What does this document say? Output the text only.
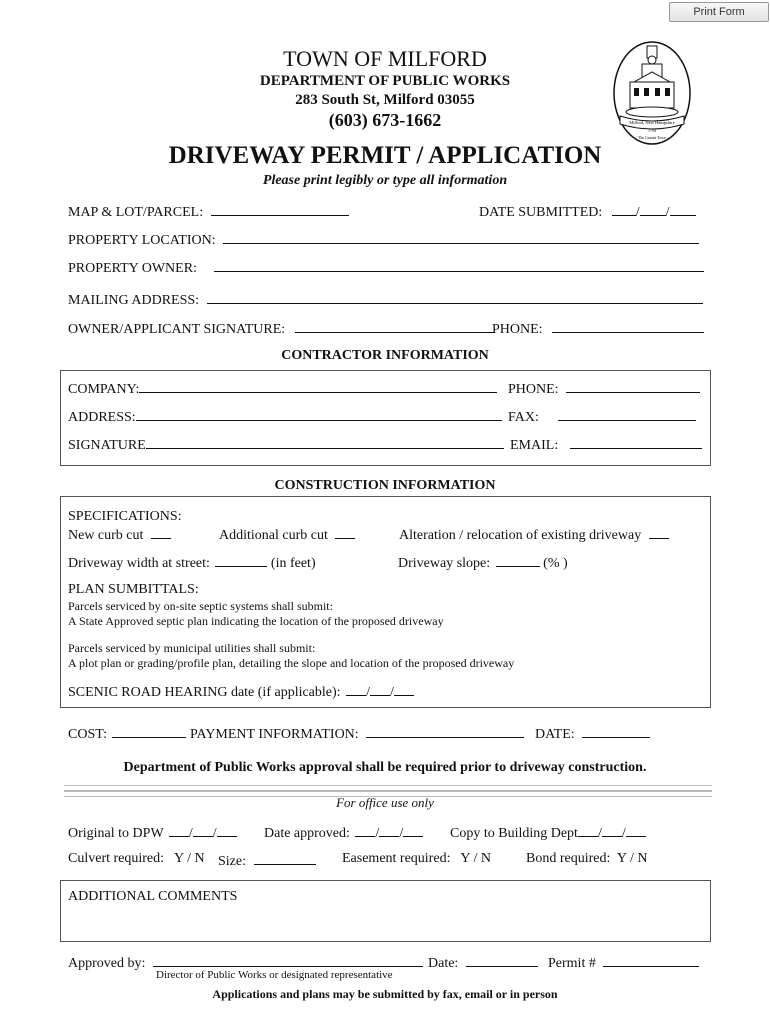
Print Form
TOWN OF MILFORD
DEPARTMENT OF PUBLIC WORKS
283 South St, Milford 03055
(603) 673-1662
DRIVEWAY PERMIT / APPLICATION
Please print legibly or type all information
Milford, New Hampshire
1794
The Granite Town
MAP & LOT/PARCEL:	DATE SUBMITTED: / /
PROPERTY LOCATION:
PROPERTY OWNER:
MAILING ADDRESS:
OWNER/APPLICANT SIGNATURE:	PHONE:
CONTRACTOR INFORMATION
COMPANY:	PHONE:
ADDRESS:	FAX:
SIGNATURE	EMAIL:
CONSTRUCTION INFORMATION
SPECIFICATIONS:
New curb cut	Additional curb cut	Alteration / relocation of existing driveway
Driveway width at street:	(in feet)	Driveway slope:	(% )
PLAN SUMBITTALS:
Parcels serviced by on-site septic systems shall submit:
A State Approved septic plan indicating the location of the proposed driveway
Parcels serviced by municipal utilities shall submit:
A plot plan or grading/profile plan, detailing the slope and location of the proposed driveway
SCENIC ROAD HEARING date (if applicable): / /
COST:	PAYMENT INFORMATION:	DATE:
Department of Public Works approval shall be required prior to driveway construction.
For office use only
Original to DPW / /	Date approved: / /	Copy to Building Dept / /
Culvert required:   Y / N Size:	Easement required:   Y / N Bond required:  Y / N
ADDITIONAL COMMENTS
Approved by:
Director of Public Works or designated representative
Date:	Permit #
Applications and plans may be submitted by fax, email or in person
